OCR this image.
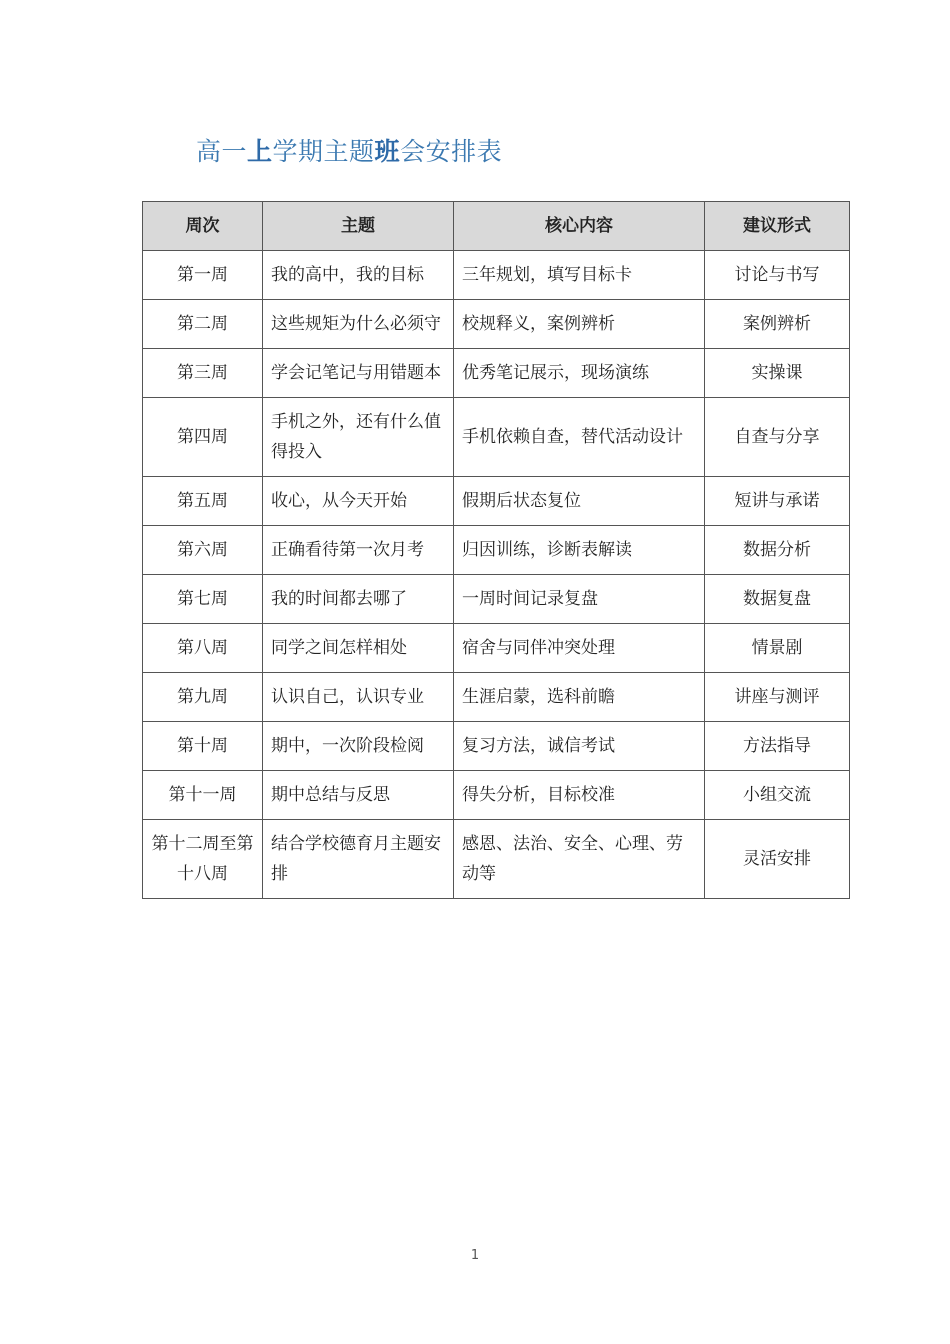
高一上学期主题班会安排表
周次	主题	核心内容	建议形式
第一周	我的高中，我的目标	三年规划，填写目标卡	讨论与书写
第二周	这些规矩为什么必须守	校规释义，案例辨析	案例辨析
第三周	学会记笔记与用错题本	优秀笔记展示，现场演练	实操课
第四周	手机之外，还有什么值得投入	手机依赖自查，替代活动设计	自查与分享
第五周	收心，从今天开始	假期后状态复位	短讲与承诺
第六周	正确看待第一次月考	归因训练，诊断表解读	数据分析
第七周	我的时间都去哪了	一周时间记录复盘	数据复盘
第八周	同学之间怎样相处	宿舍与同伴冲突处理	情景剧
第九周	认识自己，认识专业	生涯启蒙，选科前瞻	讲座与测评
第十周	期中，一次阶段检阅	复习方法，诚信考试	方法指导
第十一周	期中总结与反思	得失分析，目标校准	小组交流
第十二周至第十八周	结合学校德育月主题安排	感恩、法治、安全、心理、劳动等	灵活安排
1
